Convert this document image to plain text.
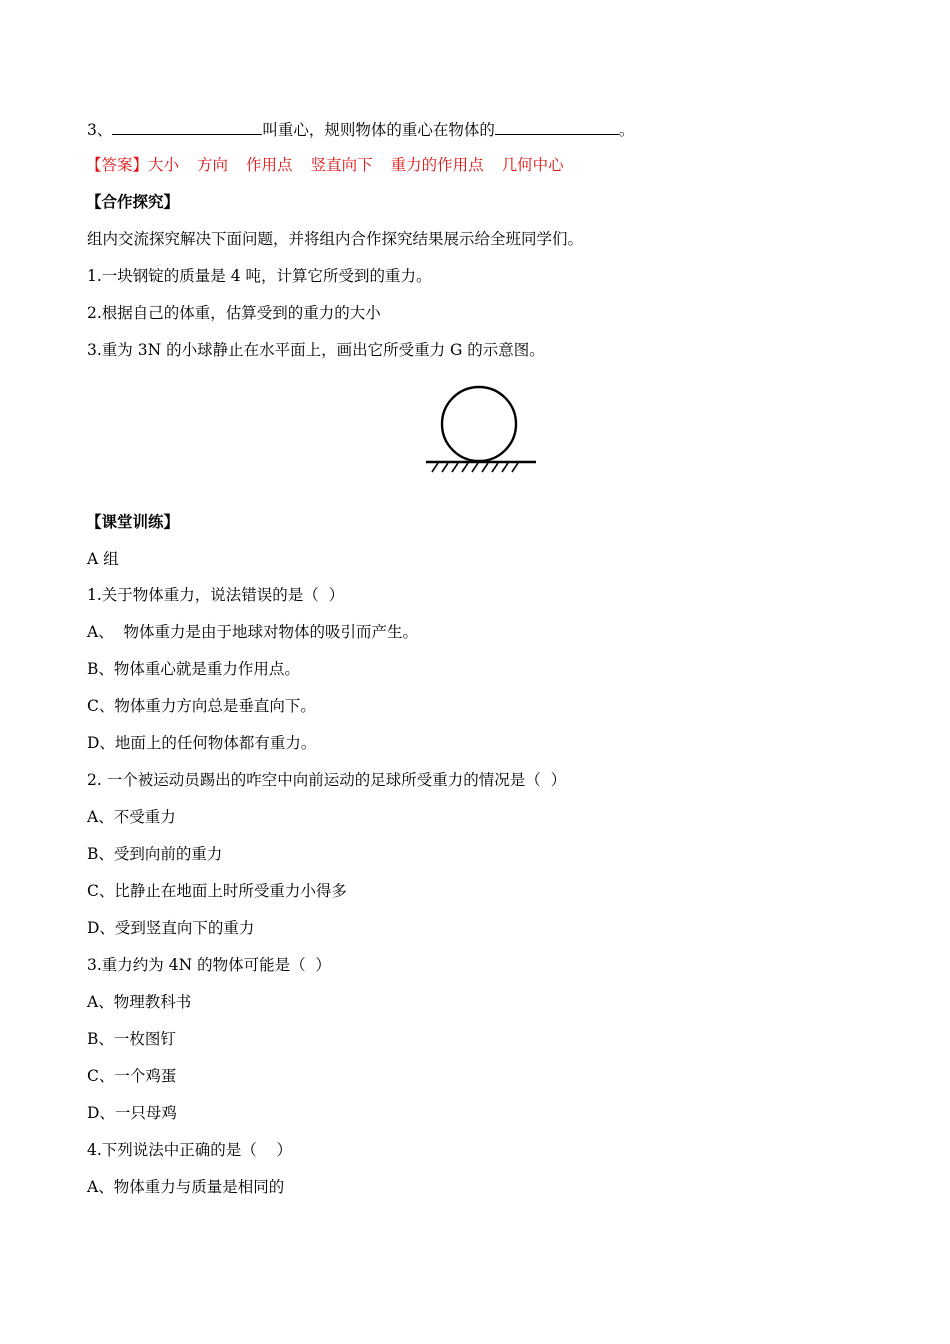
3、	叫重心，规则物体的重心在物体的	。
【答案】大小 方向 作用点 竖直向下 重力的作用点 几何中心
【合作探究】
组内交流探究解决下面问题，并将组内合作探究结果展示给全班同学们。
1.一块钢锭的质量是 4 吨，计算它所受到的重力。
2.根据自己的体重，估算受到的重力的大小
3.重为 3N 的小球静止在水平面上，画出它所受重力 G 的示意图。
【课堂训练】
A 组
1.关于物体重力，说法错误的是（  ）
A、  物体重力是由于地球对物体的吸引而产生。
B、物体重心就是重力作用点。
C、物体重力方向总是垂直向下。
D、地面上的任何物体都有重力。
2. 一个被运动员踢出的咋空中向前运动的足球所受重力的情况是（  ）
A、不受重力
B、受到向前的重力
C、比静止在地面上时所受重力小得多
D、受到竖直向下的重力
3.重力约为 4N 的物体可能是（  ）
A、物理教科书
B、一枚图钉
C、一个鸡蛋
D、一只母鸡
4.下列说法中正确的是（    ）
A、物体重力与质量是相同的
